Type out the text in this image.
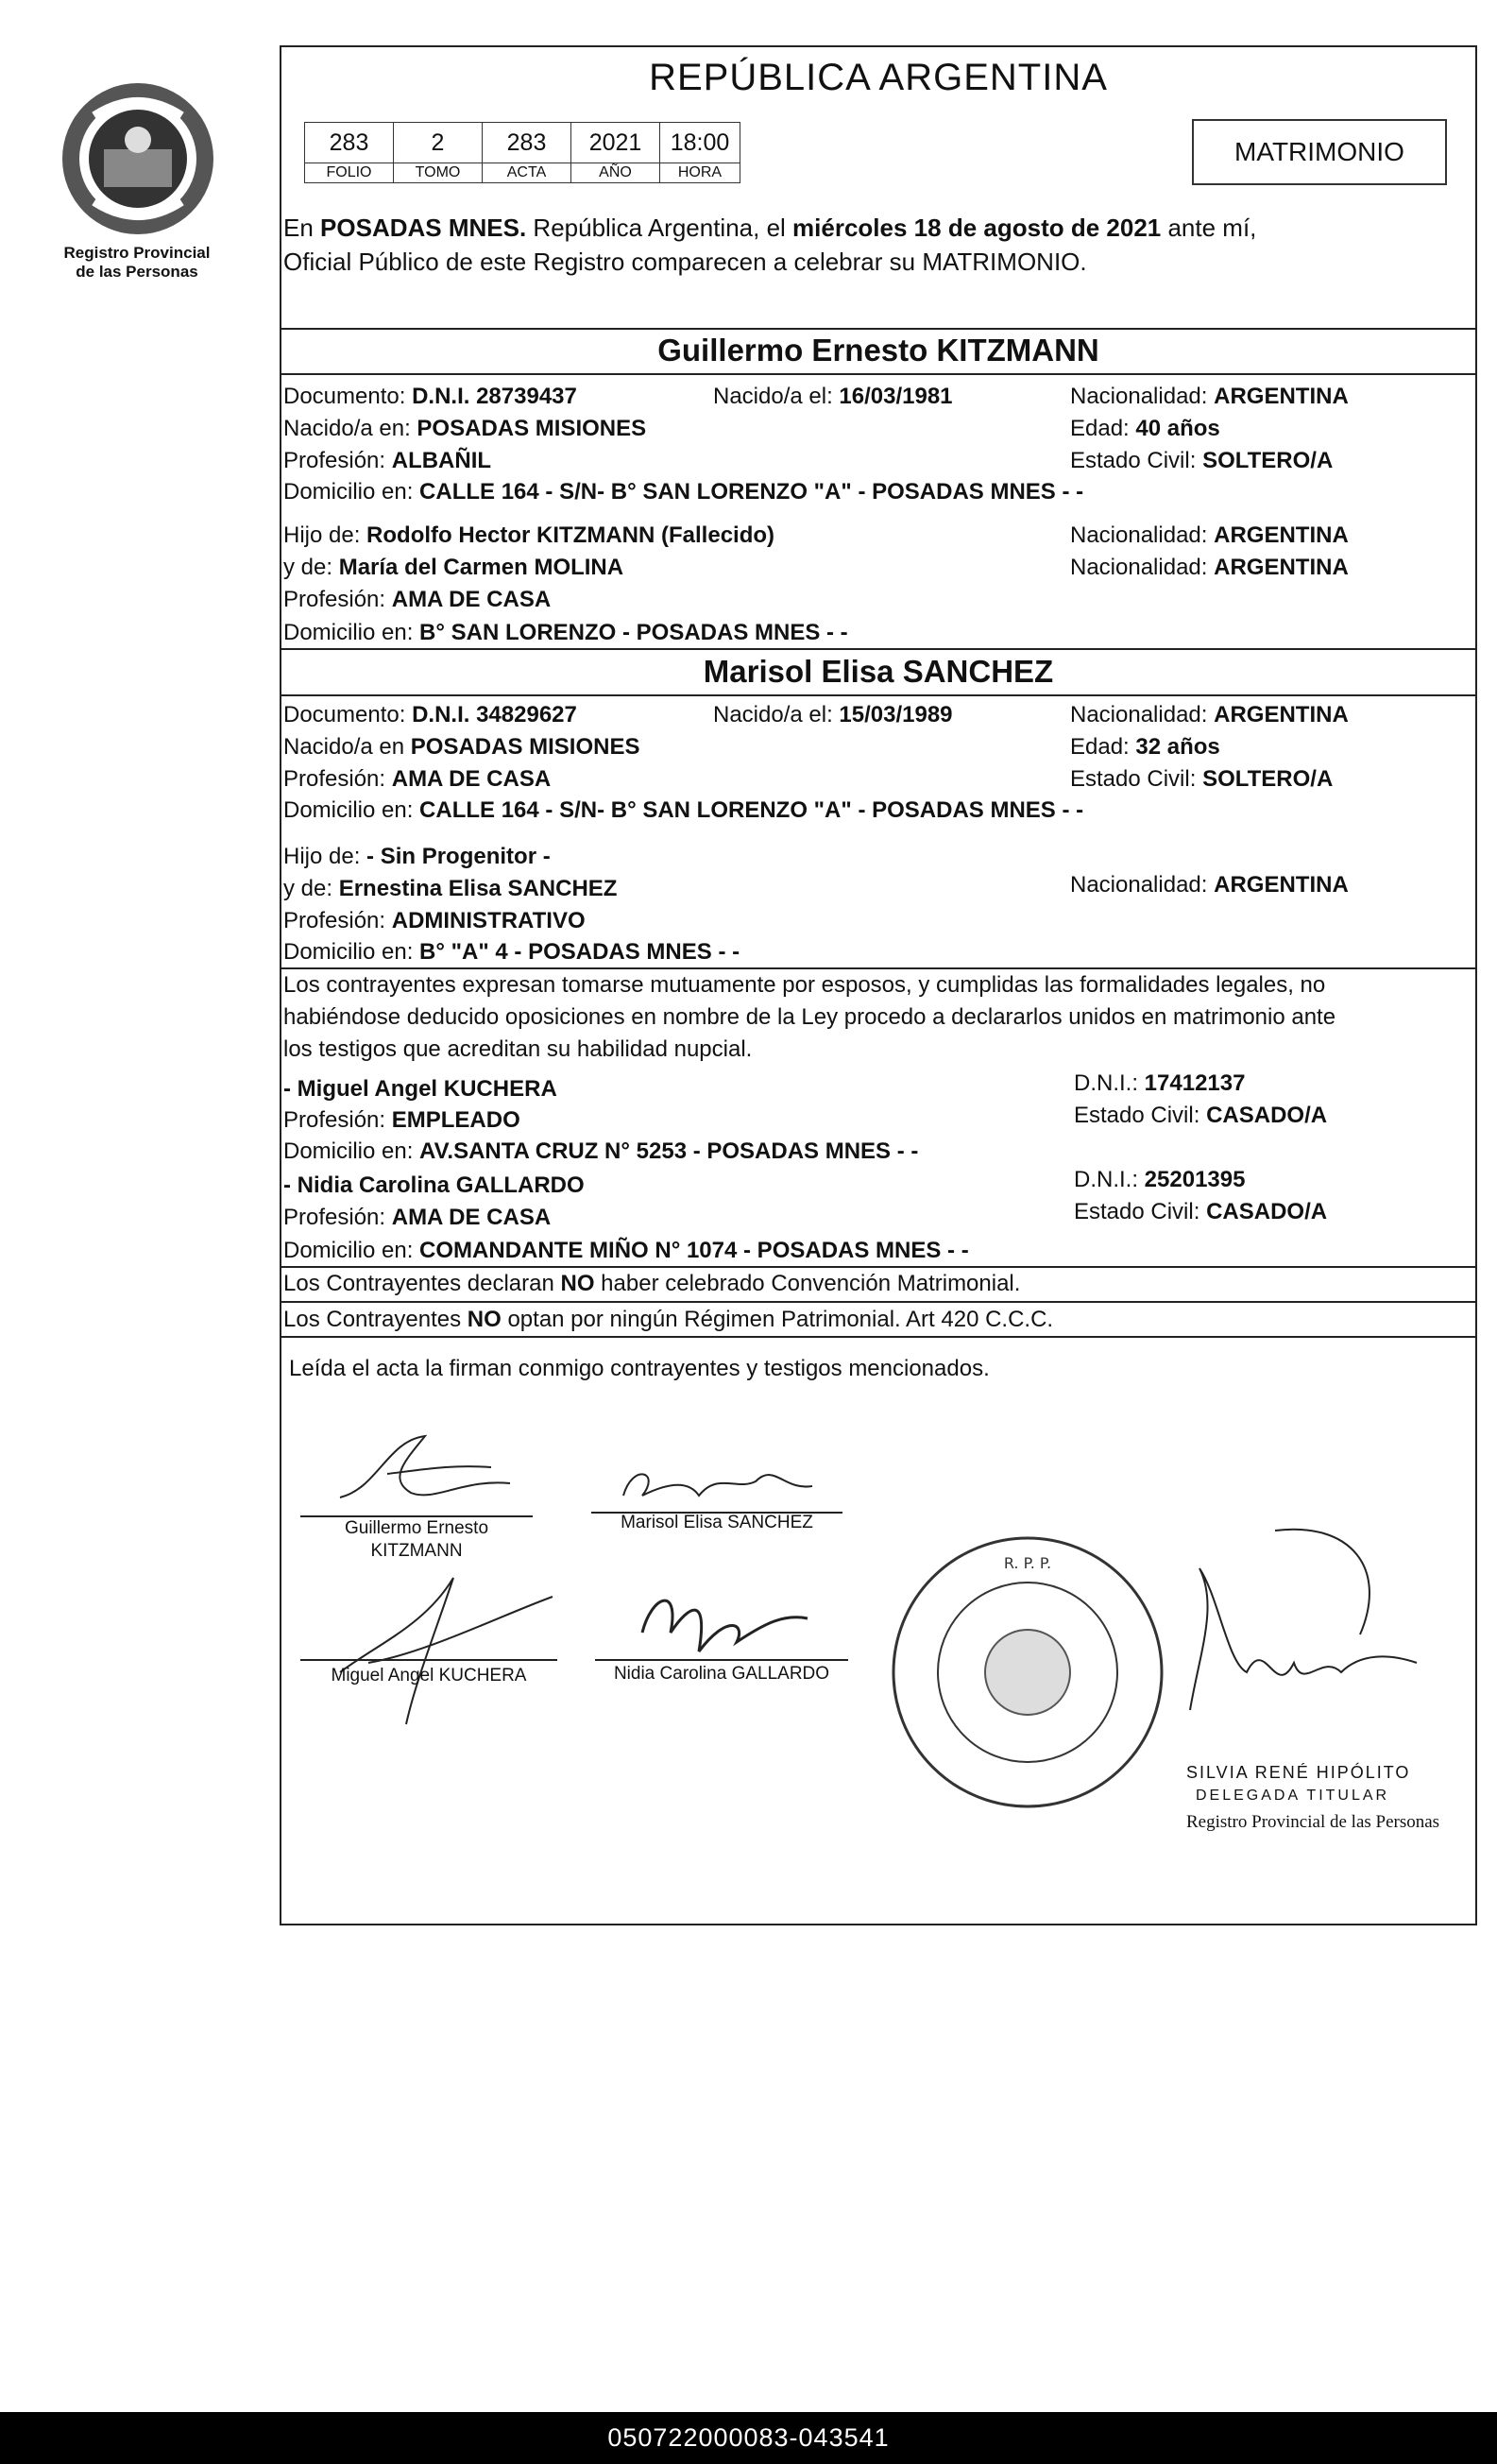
Registro Provincial
de las Personas
REPÚBLICA ARGENTINA
283	2	283	2021	18:00
FOLIO	TOMO	ACTA	AÑO	HORA
MATRIMONIO
En POSADAS MNES. República Argentina, el miércoles 18 de agosto de 2021 ante mí,
Oficial Público de este Registro comparecen a celebrar su MATRIMONIO.
Guillermo Ernesto KITZMANN
Documento: D.N.I. 28739437	Nacido/a el: 16/03/1981	Nacionalidad: ARGENTINA
Nacido/a en: POSADAS MISIONES	Edad: 40 años
Profesión: ALBAÑIL	Estado Civil: SOLTERO/A
Domicilio en: CALLE 164 - S/N- B° SAN LORENZO "A" - POSADAS MNES - -
Hijo de: Rodolfo Hector KITZMANN (Fallecido)	Nacionalidad: ARGENTINA
y de: María del Carmen MOLINA	Nacionalidad: ARGENTINA
Profesión: AMA DE CASA
Domicilio en: B° SAN LORENZO - POSADAS MNES - -
Marisol Elisa SANCHEZ
Documento: D.N.I. 34829627	Nacido/a el: 15/03/1989	Nacionalidad: ARGENTINA
Nacido/a en POSADAS MISIONES	Edad: 32 años
Profesión: AMA DE CASA	Estado Civil: SOLTERO/A
Domicilio en: CALLE 164 - S/N- B° SAN LORENZO "A" - POSADAS MNES - -
Hijo de: - Sin Progenitor -
y de: Ernestina Elisa SANCHEZ	Nacionalidad: ARGENTINA
Profesión: ADMINISTRATIVO
Domicilio en: B° "A" 4 - POSADAS MNES - -
Los contrayentes expresan tomarse mutuamente por esposos, y cumplidas las formalidades legales, no
habiéndose deducido oposiciones en nombre de la Ley procedo a declararlos unidos en matrimonio ante
los testigos que acreditan su habilidad nupcial.
- Miguel Angel KUCHERA	D.N.I.: 17412137
Profesión: EMPLEADO	Estado Civil: CASADO/A
Domicilio en: AV.SANTA CRUZ N° 5253 - POSADAS MNES - -
- Nidia Carolina GALLARDO	D.N.I.: 25201395
Profesión: AMA DE CASA	Estado Civil: CASADO/A
Domicilio en: COMANDANTE MIÑO N° 1074 - POSADAS MNES - -
Los Contrayentes declaran NO haber celebrado Convención Matrimonial.
Los Contrayentes NO optan por ningún Régimen Patrimonial. Art 420 C.C.C.
Leída el acta la firman conmigo contrayentes y testigos mencionados.
Guillermo Ernesto
KITZMANN
Marisol Elisa SANCHEZ
Miguel Angel KUCHERA	Nidia Carolina GALLARDO
R. P. P.
SILVIA RENÉ HIPÓLITO
DELEGADA TITULAR
Registro Provincial de las Personas
050722000083-043541
